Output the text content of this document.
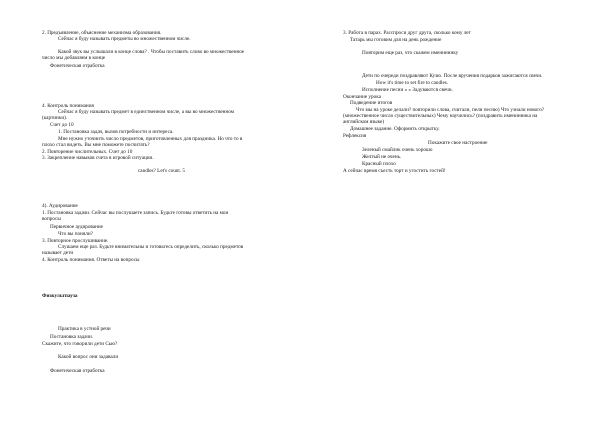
2. Предъявление, объяснение механизма образования.
Сейчас я буду называть предметы во множественном числе.
Какой звук вы услышали в конце слова? . Чтобы поставить слово во множественное
число мы добавляем в конце
Фонетическая отработка
4. Контроль понимания
Сейчас я буду называть предмет в единственном числе, а вы во множественном
(картинки).
Счет до 10
1. Постановка задач, вызов потребности и интереса.
Мне нужно уточнить число предметов, приготовленных для праздника. Но что то в
плохо стал видеть. Вы мне поможете посчитать?
2. Повторение числительных. Счет до 10
3. Закрепление навыков счета в игровой ситуации.
candles? Let's count. 5
4). Аудирование
1. Постановка задачи. Сейчас вы послушаете запись. Будьте готовы ответить на мои
вопросы
Первичное аудирование
Что вы поняли?
3. Повторное прослушивание.
Слушаем еще раз. Будьте внимательны и готовьтесь определить, сколько предметов
называет дети
4. Контроль понимания. Ответы на вопросы
Физкультпауза
Практика в устной речи
Постановка задачи.
Скажите, что говорили дети Сью?
Какой вопрос они задавали
Фонетическая отработка
3. Работа в парах. Расспроси друг друга, сколько кому лет
Татарь мы готовим для на день рождение
Повторим еще раз, что скажем имениннику
Дети по очереди поздравляют Кузю. После вручения подарков зажигаются свечи.
How it's time to set fire to candles.
Исполнение песни « » Задуваются свечи.
Окончание урока
Подведение итогов
Что мы на уроке делали? повторили слова, считали, пели песню) Что узнали нового?
(множественное число существительных) Чему научились? (поздравить именинника на
английском языке)
Домашнее задание. Оформить открытку.
Рефлексия
Покажите свое настроение
Зеленый смайлик очень хорошо
Желтый не очень.
Красный плохо
А сейчас время съесть торт и угостить гостей!
